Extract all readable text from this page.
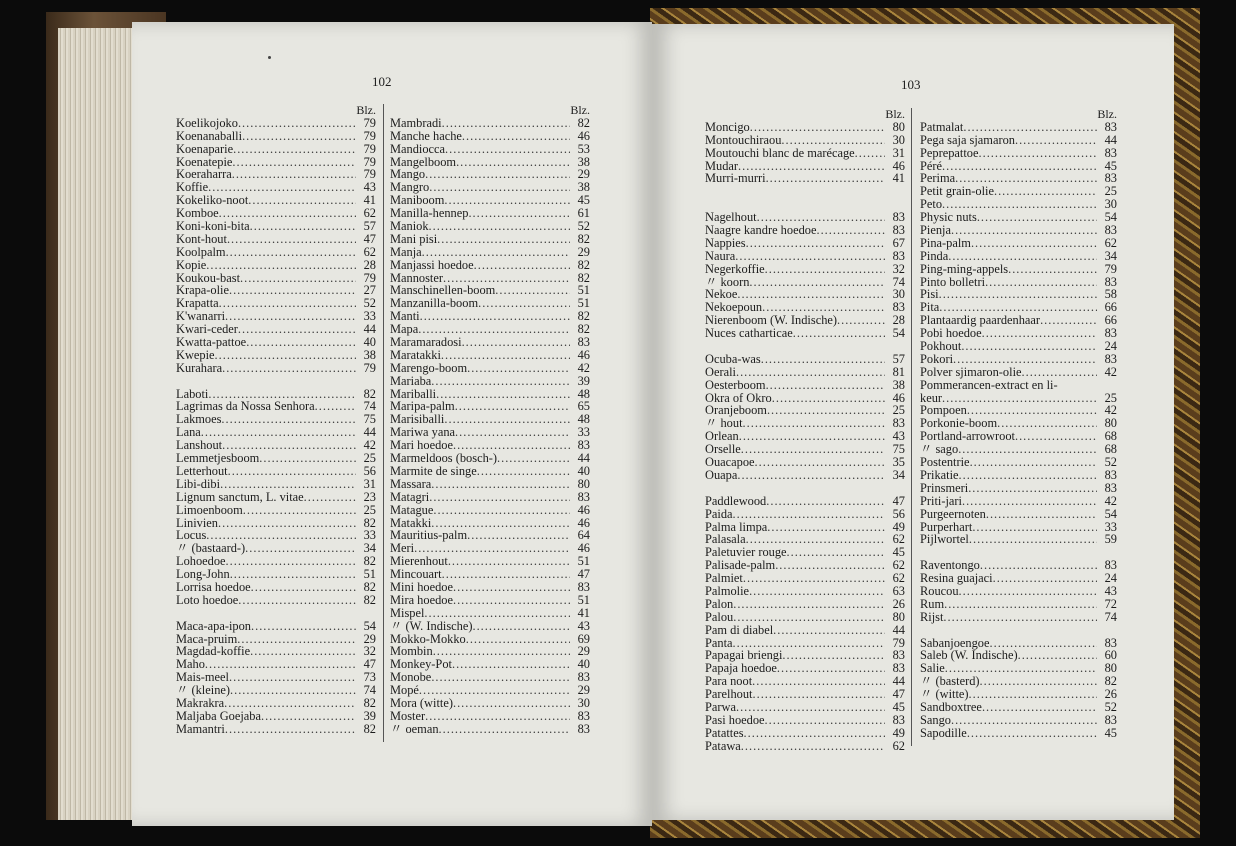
102	103
Blz.
Koelikojoko .....	79
Koenanaballi .....	79
Koenaparie .....	79
Koenatepie .....	79
Koeraharra .....	79
Koffie .....	43
Kokeliko-noot .....	41
Komboe .....	62
Koni-koni-bita .....	57
Kont-hout .....	47
Koolpalm .....	62
Kopie .....	28
Koukou-bast .....	79
Krapa-olie .....	27
Krapatta .....	52
K'wanarri .....	33
Kwari-ceder .....	44
Kwatta-pattoe .....	40
Kwepie .....	38
Kurahara .....	79
Laboti .....	82
Lagrimas da Nossa Senhora .....	74
Lakmoes .....	75
Lana .....	44
Lanshout .....	42
Lemmetjesboom .....	25
Letterhout .....	56
Libi-dibi .....	31
Lignum sanctum, L. vitae .....	23
Limoenboom .....	25
Linivien .....	82
Locus .....	33
〃 (bastaard-) .....	34
Lohoedoe .....	82
Long-John .....	51
Lorrisa hoedoe .....	82
Loto hoedoe .....	82
Maca-apa-ipon .....	54
Maca-pruim .....	29
Magdad-koffie .....	32
Maho .....	47
Mais-meel .....	73
〃 (kleine) .....	74
Makrakra .....	82
Maljaba Goejaba .....	39
Mamantri .....	82
Blz.
Mambradi .....	82
Manche hache .....	46
Mandiocca .....	53
Mangelboom .....	38
Mango .....	29
Mangro .....	38
Maniboom .....	45
Manilla-hennep .....	61
Maniok .....	52
Mani pisi .....	82
Manja .....	29
Manjassi hoedoe .....	82
Mannoster .....	82
Manschinellen-boom .....	51
Manzanilla-boom .....	51
Manti .....	82
Mapa .....	82
Maramaradosi .....	83
Maratakki .....	46
Marengo-boom .....	42
Mariaba .....	39
Mariballi .....	48
Maripa-palm .....	65
Marisiballi .....	48
Mariwa yana .....	33
Mari hoedoe .....	83
Marmeldoos (bosch-) .....	44
Marmite de singe .....	40
Massara .....	80
Matagri .....	83
Matague .....	46
Matakki .....	46
Mauritius-palm .....	64
Meri .....	46
Mierenhout .....	51
Mincouart .....	47
Mini hoedoe .....	83
Mira hoedoe .....	51
Mispel .....	41
〃 (W. Indische) .....	43
Mokko-Mokko .....	69
Mombin .....	29
Monkey-Pot .....	40
Monobe .....	83
Mopé .....	29
Mora (witte) .....	30
Moster .....	83
〃 oeman .....	83
Blz.
Moncigo .....	80
Montouchiraou .....	30
Moutouchi blanc de marécage .....	31
Mudar .....	46
Murri-murri .....	41
Nagelhout .....	83
Naagre kandre hoedoe .....	83
Nappies .....	67
Naura .....	83
Negerkoffie .....	32
〃 koorn .....	74
Nekoe .....	30
Nekoepoun .....	83
Nierenboom (W. Indische) .....	28
Nuces catharticae .....	54
Ocuba-was .....	57
Oerali .....	81
Oesterboom .....	38
Okra of Okro .....	46
Oranjeboom .....	25
〃 hout .....	83
Orlean .....	43
Orselle .....	75
Ouacapoe .....	35
Ouapa .....	34
Paddlewood .....	47
Paida .....	56
Palma limpa .....	49
Palasala .....	62
Paletuvier rouge .....	45
Palisade-palm .....	62
Palmiet .....	62
Palmolie .....	63
Palon .....	26
Palou .....	80
Pam di diabel .....	44
Panta .....	79
Papagai briengi .....	83
Papaja hoedoe .....	83
Para noot .....	44
Parelhout .....	47
Parwa .....	45
Pasi hoedoe .....	83
Patattes .....	49
Patawa .....	62
Blz.
Patmalat .....	83
Pega saja sjamaron .....	44
Peprepattoe .....	83
Péré .....	45
Perima .....	83
Petit grain-olie .....	25
Peto .....	30
Physic nuts .....	54
Pienja .....	83
Pina-palm .....	62
Pinda .....	34
Ping-ming-appels .....	79
Pinto bolletri .....	83
Pisi .....	58
Pita .....	66
Plantaardig paardenhaar .....	66
Pobi hoedoe .....	83
Pokhout .....	24
Pokori .....	83
Polver sjimaron-olie .....	42
Pommerancen-extract en li-
keur .....	25
Pompoen .....	42
Porkonie-boom .....	80
Portland-arrowroot .....	68
〃 sago .....	68
Postentrie .....	52
Prikatie .....	83
Prinsmeri .....	83
Priti-jari .....	42
Purgeernoten .....	54
Purperhart .....	33
Pijlwortel .....	59
Raventongo .....	83
Resina guajaci .....	24
Roucou .....	43
Rum .....	72
Rijst .....	74
Sabanjoengoe .....	83
Saleb (W. Indische) .....	60
Salie .....	80
〃 (basterd) .....	82
〃 (witte) .....	26
Sandboxtree .....	52
Sango .....	83
Sapodille .....	45
